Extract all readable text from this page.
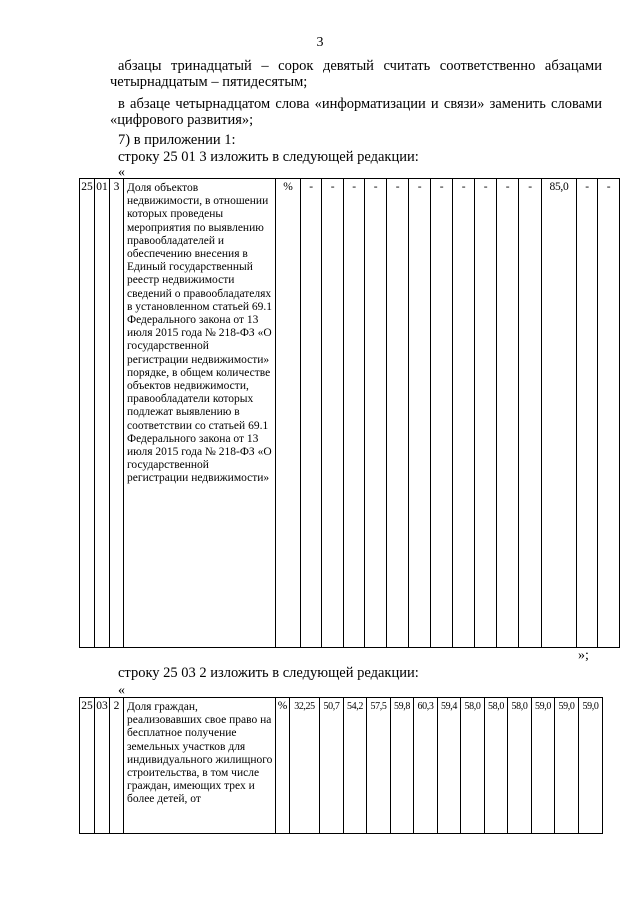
3
абзацы тринадцатый – сорок девятый считать соответственно абзацами четырнадцатым – пятидесятым;
в абзаце четырнадцатом слова «информатизации и связи» заменить словами «цифрового развития»;
7) в приложении 1:
строку 25 01 3 изложить в следующей редакции:
«
25	01	3	Доля объектов недвижимости, в отношении которых проведены мероприятия по выявлению правообладателей и обеспечению внесения в Единый государственный реестр недвижимости сведений о правообладателях в установленном статьей 69.1 Федерального закона от 13 июля 2015 года № 218-ФЗ «О государственной регистрации недвижимости» порядке, в общем количестве объектов недвижимости, правообладатели которых подлежат выявлению в соответствии со статьей 69.1 Федерального закона от 13 июля 2015 года № 218-ФЗ «О государственной регистрации недвижимости»	%	-	-	-	-	-	-	-	-	-	-	-	85,0	-	-
»;
строку 25 03 2 изложить в следующей редакции:
«
25	03	2	Доля граждан, реализовавших свое право на бесплатное получение земельных участков для индивидуального жилищного строительства, в том числе граждан, имеющих трех и более детей, от	%	32,25	50,7	54,2	57,5	59,8	60,3	59,4	58,0	58,0	58,0	59,0	59,0	59,0
